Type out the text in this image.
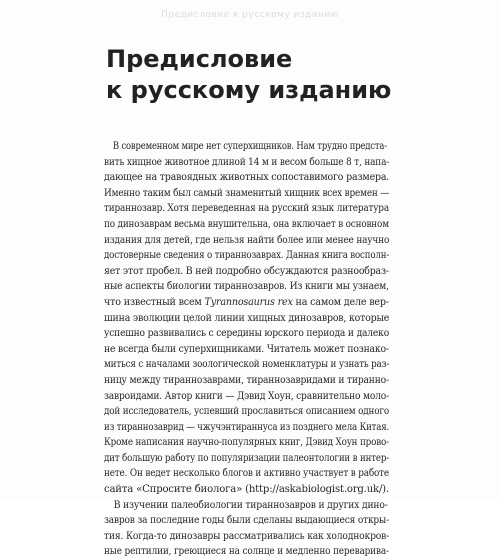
Предисловие к русскому изданию
Предисловие
к русскому изданию
В современном мире нет суперхищников. Нам трудно предста-
вить хищное животное длиной 14 м и весом больше 8 т, напа-
дающее на травоядных животных сопоставимого размера.
Именно таким был самый знаменитый хищник всех времен —
тираннозавр. Хотя переведенная на русский язык литература
по динозаврам весьма внушительна, она включает в основном
издания для детей, где нельзя найти более или менее научно
достоверные сведения о тираннозаврах. Данная книга восполн-
яет этот пробел. В ней подробно обсуждаются разнообраз-
ные аспекты биологии тираннозавров. Из книги мы узнаем,
что известный всем Tyrannosaurus rex на самом деле вер-
шина эволюции целой линии хищных динозавров, которые
успешно развивались с середины юрского периода и далеко
не всегда были суперхищниками. Читатель может познако-
миться с началами зоологической номенклатуры и узнать раз-
ницу между тираннозаврами, тираннозавридами и тиранно-
завроидами. Автор книги — Дэвид Хоун, сравнительно моло-
дой исследователь, успевший прославиться описанием одного
из тираннозаврид — чжучэнтираннуса из позднего мела Китая.
Кроме написания научно-популярных книг, Дэвид Хоун прово-
дит большую работу по популяризации палеонтологии в интер-
нете. Он ведет несколько блогов и активно участвует в работе
сайта «Спросите биолога» (http://askabiologist.org.uk/).
В изучении палеобиологии тираннозавров и других дино-
завров за последние годы были сделаны выдающиеся откры-
тия. Когда-то динозавры рассматривались как холоднокров-
ные рептилии, греющиеся на солнце и медленно переварива-
